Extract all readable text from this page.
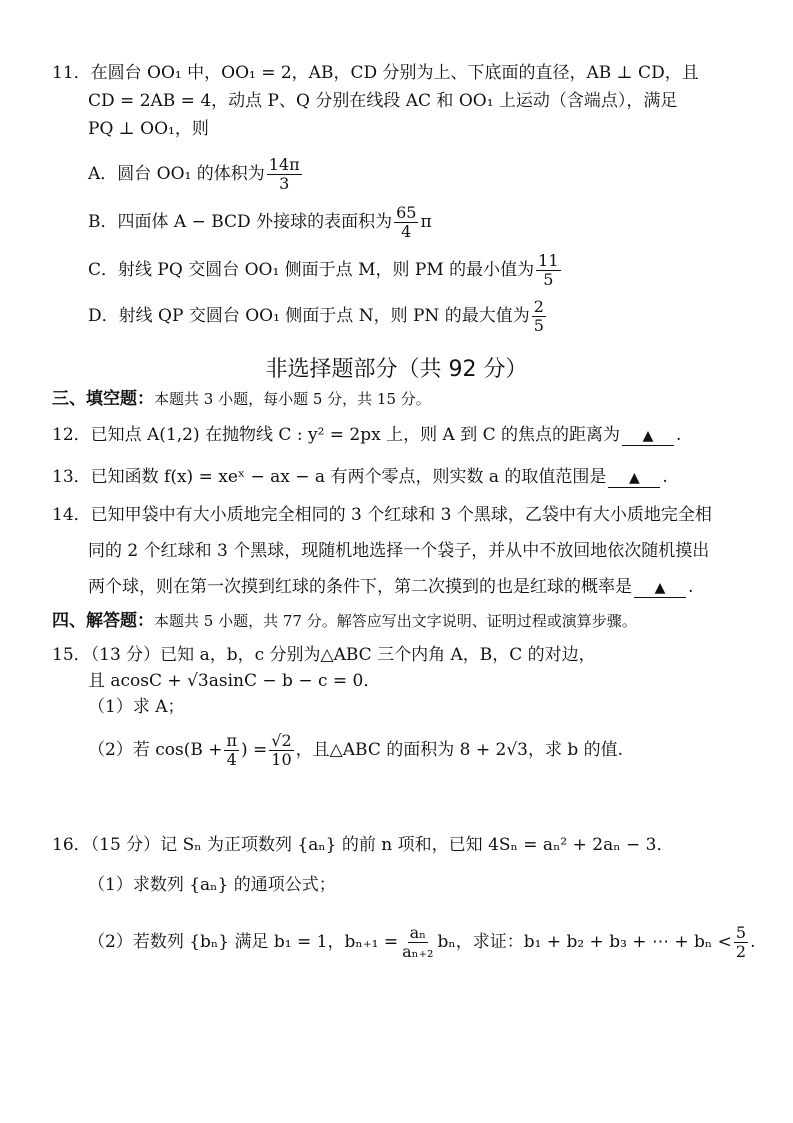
11．在圆台 OO₁ 中，OO₁ = 2，AB，CD 分别为上、下底面的直径，AB ⊥ CD，且
CD = 2AB = 4，动点 P、Q 分别在线段 AC 和 OO₁ 上运动（含端点），满足
PQ ⊥ OO₁，则
A．圆台 OO₁ 的体积为 $\frac{14\pi}{3}$
B．四面体 A − BCD 外接球的表面积为 $\frac{65}{4}$ π
C．射线 PQ 交圆台 OO₁ 侧面于点 M，则 PM 的最小值为 $\frac{11}{5}$
D．射线 QP 交圆台 OO₁ 侧面于点 N，则 PN 的最大值为 $\frac{2}{5}$
非选择题部分（共 92 分）
三、填空题：本题共 3 小题，每小题 5 分，共 15 分。
12．已知点 A(1,2) 在抛物线 C : y² = 2px 上，则 A 到 C 的焦点的距离为 ▲ .
13．已知函数 f(x) = xeˣ − ax − a 有两个零点，则实数 a 的取值范围是 ▲ .
14．已知甲袋中有大小质地完全相同的 3 个红球和 3 个黑球，乙袋中有大小质地完全相
同的 2 个红球和 3 个黑球，现随机地选择一个袋子，并从中不放回地依次随机摸出
两个球，则在第一次摸到红球的条件下，第二次摸到的也是红球的概率是 ▲ .
四、解答题：本题共 5 小题，共 77 分。解答应写出文字说明、证明过程或演算步骤。
15．（13 分）已知 a，b，c 分别为△ABC 三个内角 A，B，C 的对边，
且 acosC + √3asinC − b − c = 0．
（1）求 A；
（2）若 $\cos(B + \frac{\pi}{4}$ ) = $\frac{√2}{10}$ ，且△ABC 的面积为 8 + 2√3，求 b 的值.
16．（15 分）记 Sₙ 为正项数列 {aₙ} 的前 n 项和，已知 4Sₙ = aₙ² + 2aₙ − 3．
（1）求数列 {aₙ} 的通项公式；
（2）若数列 {bₙ} 满足 b₁ = 1，$b_{n+1} = \frac{\text{aₙ}}{\text{aₙ₊₂}}$ bₙ，求证：b₁ + b₂ + b₃ + ⋯ + $b_n < \frac{5}{2}$ .
